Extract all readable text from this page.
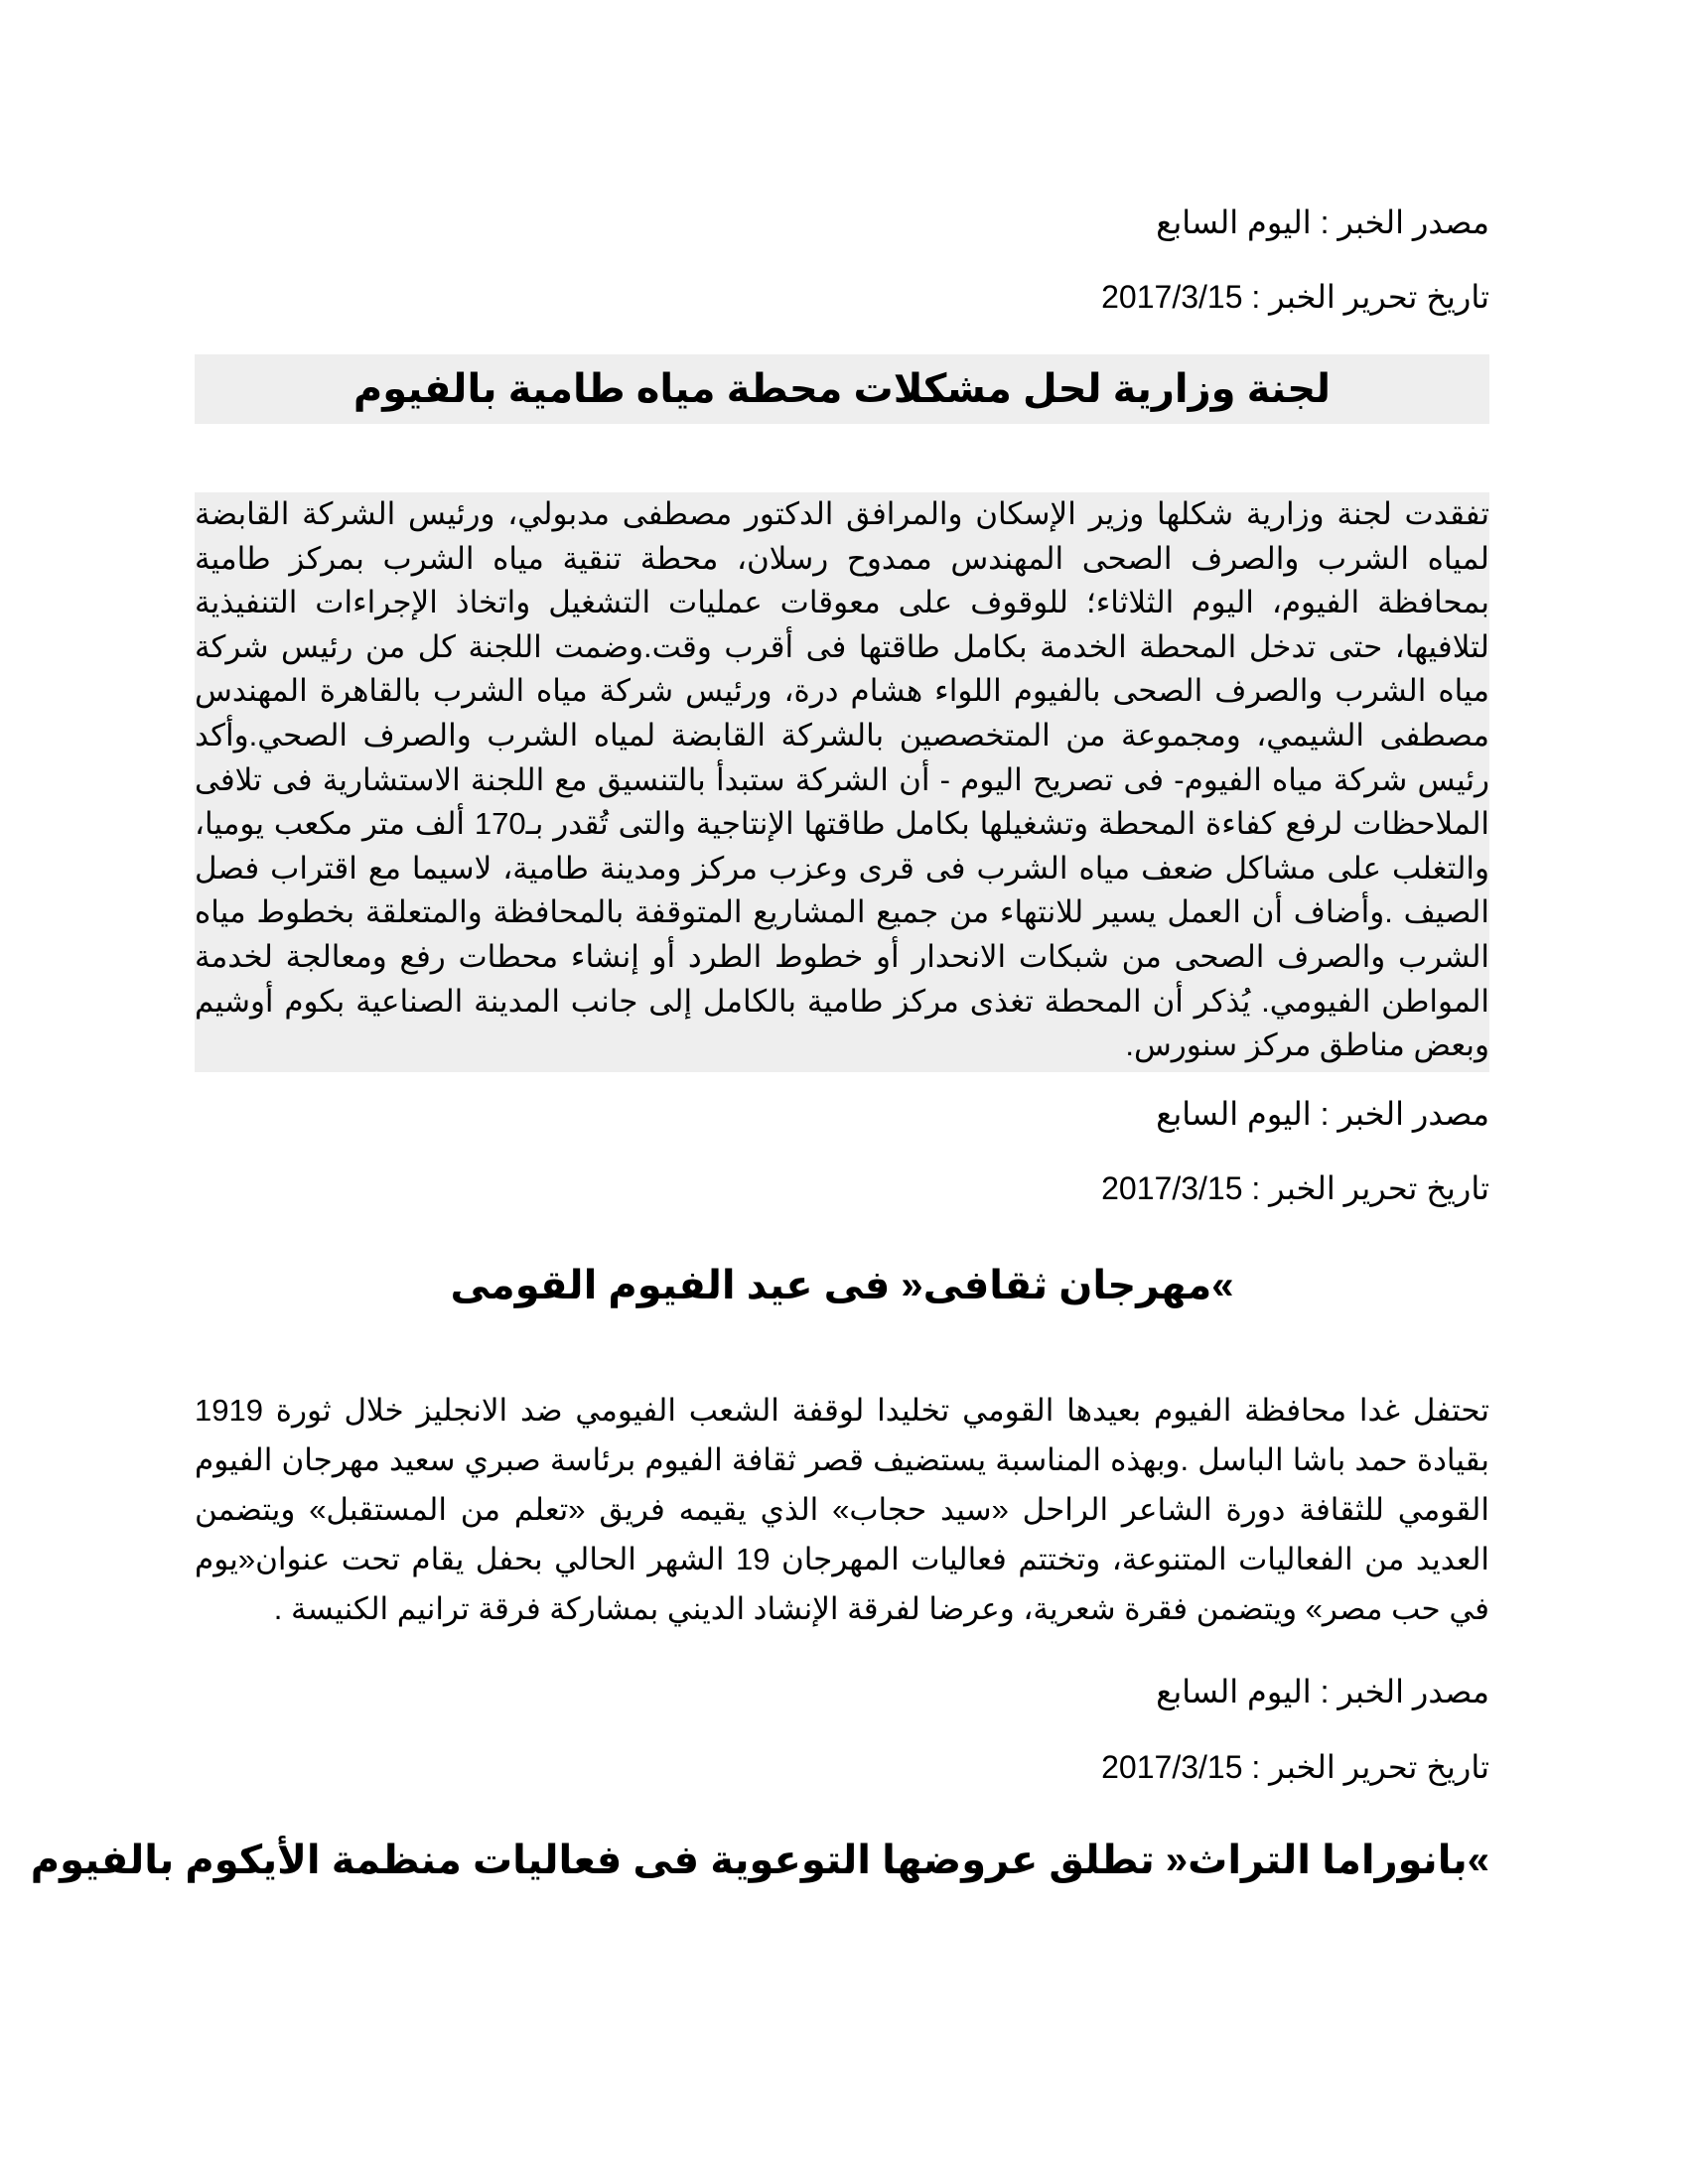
مصدر الخبر : اليوم السابع
تاريخ تحرير الخبر : 2017/3/15
لجنة وزارية لحل مشكلات محطة مياه طامية بالفيوم
تفقدت لجنة وزارية شكلها وزير الإسكان والمرافق الدكتور مصطفى مدبولي، ورئيس الشركة القابضة لمياه الشرب والصرف الصحى المهندس ممدوح رسلان، محطة تنقية مياه الشرب بمركز طامية بمحافظة الفيوم، اليوم الثلاثاء؛ للوقوف على معوقات عمليات التشغيل واتخاذ الإجراءات التنفيذية لتلافيها، حتى تدخل المحطة الخدمة بكامل طاقتها فى أقرب وقت.وضمت اللجنة كل من رئيس شركة مياه الشرب والصرف الصحى بالفيوم اللواء هشام درة، ورئيس شركة مياه الشرب بالقاهرة المهندس مصطفى الشيمي، ومجموعة من المتخصصين بالشركة القابضة لمياه الشرب والصرف الصحي.وأكد رئيس شركة مياه الفيوم- فى تصريح اليوم - أن الشركة ستبدأ بالتنسيق مع اللجنة الاستشارية فى تلافى الملاحظات لرفع كفاءة المحطة وتشغيلها بكامل طاقتها الإنتاجية والتى تُقدر بـ170 ألف متر مكعب يوميا، والتغلب على مشاكل ضعف مياه الشرب فى قرى وعزب مركز ومدينة طامية، لاسيما مع اقتراب فصل الصيف .وأضاف أن العمل يسير للانتهاء من جميع المشاريع المتوقفة بالمحافظة والمتعلقة بخطوط مياه الشرب والصرف الصحى من شبكات الانحدار أو خطوط الطرد أو إنشاء محطات رفع ومعالجة لخدمة المواطن الفيومي. يُذكر أن المحطة تغذى مركز طامية بالكامل إلى جانب المدينة الصناعية بكوم أوشيم وبعض مناطق مركز سنورس.
مصدر الخبر : اليوم السابع
تاريخ تحرير الخبر : 2017/3/15
»مهرجان ثقافى« فى عيد الفيوم القومى
تحتفل غدا محافظة الفيوم بعيدها القومي تخليدا لوقفة الشعب الفيومي ضد الانجليز خلال ثورة 1919 بقيادة حمد باشا الباسل .وبهذه المناسبة يستضيف قصر ثقافة الفيوم برئاسة صبري سعيد مهرجان الفيوم القومي للثقافة دورة الشاعر الراحل «سيد حجاب» الذي يقيمه فريق «تعلم من المستقبل» ويتضمن العديد من الفعاليات المتنوعة، وتختتم فعاليات المهرجان 19 الشهر الحالي بحفل يقام تحت عنوان«يوم في حب مصر» ويتضمن فقرة شعرية، وعرضا لفرقة الإنشاد الديني بمشاركة فرقة ترانيم الكنيسة .
مصدر الخبر : اليوم السابع
تاريخ تحرير الخبر : 2017/3/15
»بانوراما التراث« تطلق عروضها التوعوية فى فعاليات منظمة الأيكوم بالفيوم
